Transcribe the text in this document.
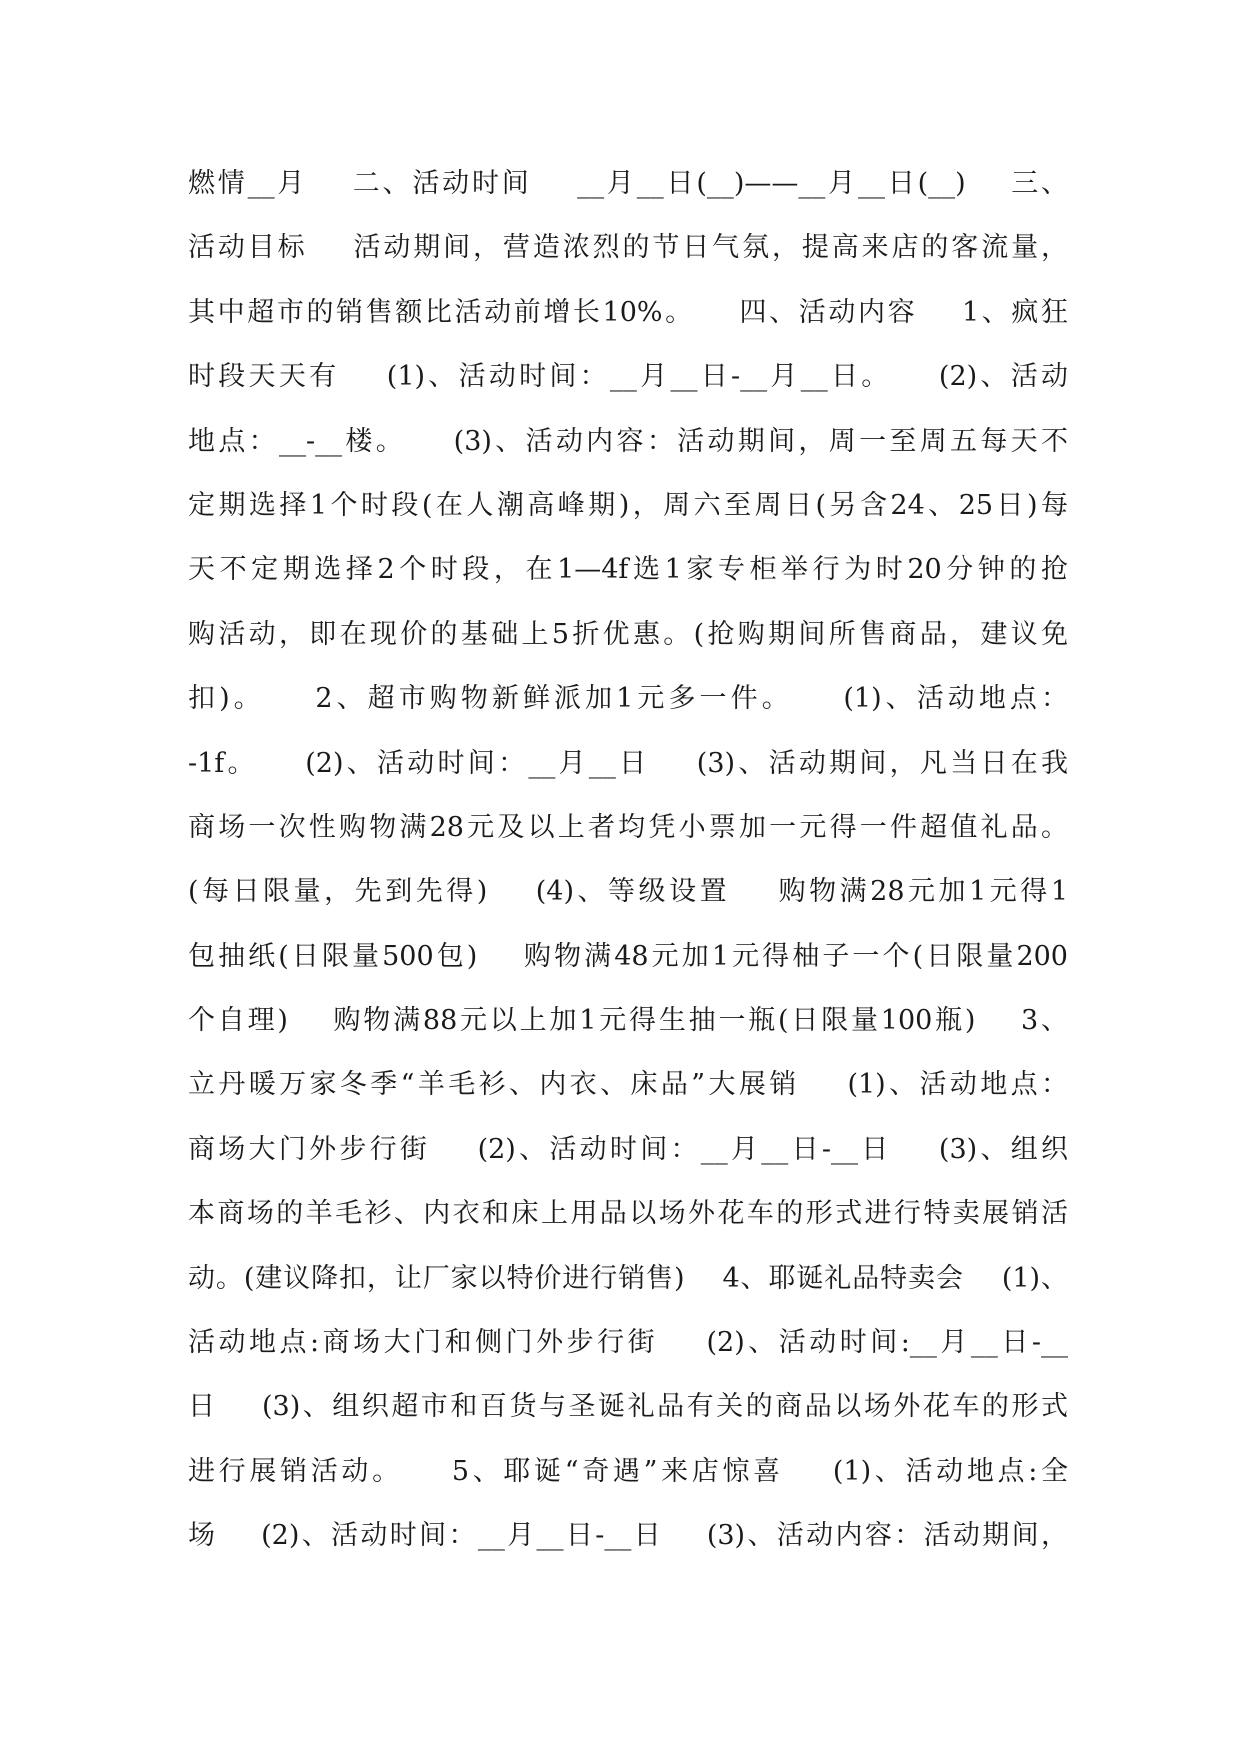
燃情__月    二、活动时间    __月__日(__)——__月__日(__)    三、
活动目标    活动期间，营造浓烈的节日气氛，提高来店的客流量，
其中超市的销售额比活动前增长10%。    四、活动内容    1、疯狂
时段天天有    (1)、活动时间：__月__日-__月__日。    (2)、活动
地点：__-__楼。    (3)、活动内容：活动期间，周一至周五每天不
定期选择1个时段(在人潮高峰期)，周六至周日(另含24、25日)每
天不定期选择2个时段，在1—4f选1家专柜举行为时20分钟的抢
购活动，即在现价的基础上5折优惠。(抢购期间所售商品，建议免
扣)。    2、超市购物新鲜派加1元多一件。    (1)、活动地点：
-1f。    (2)、活动时间：__月__日    (3)、活动期间，凡当日在我
商场一次性购物满28元及以上者均凭小票加一元得一件超值礼品。
(每日限量，先到先得)    (4)、等级设置    购物满28元加1元得1
包抽纸(日限量500包)    购物满48元加1元得柚子一个(日限量200
个自理)    购物满88元以上加1元得生抽一瓶(日限量100瓶)    3、
立丹暖万家冬季“羊毛衫、内衣、床品”大展销    (1)、活动地点：
商场大门外步行街    (2)、活动时间：__月__日-__日    (3)、组织
本商场的羊毛衫、内衣和床上用品以场外花车的形式进行特卖展销活
动。(建议降扣，让厂家以特价进行销售)    4、耶诞礼品特卖会    (1)、
活动地点:商场大门和侧门外步行街    (2)、活动时间:__月__日-__
日    (3)、组织超市和百货与圣诞礼品有关的商品以场外花车的形式
进行展销活动。    5、耶诞“奇遇”来店惊喜    (1)、活动地点:全
场    (2)、活动时间：__月__日-__日    (3)、活动内容：活动期间，
